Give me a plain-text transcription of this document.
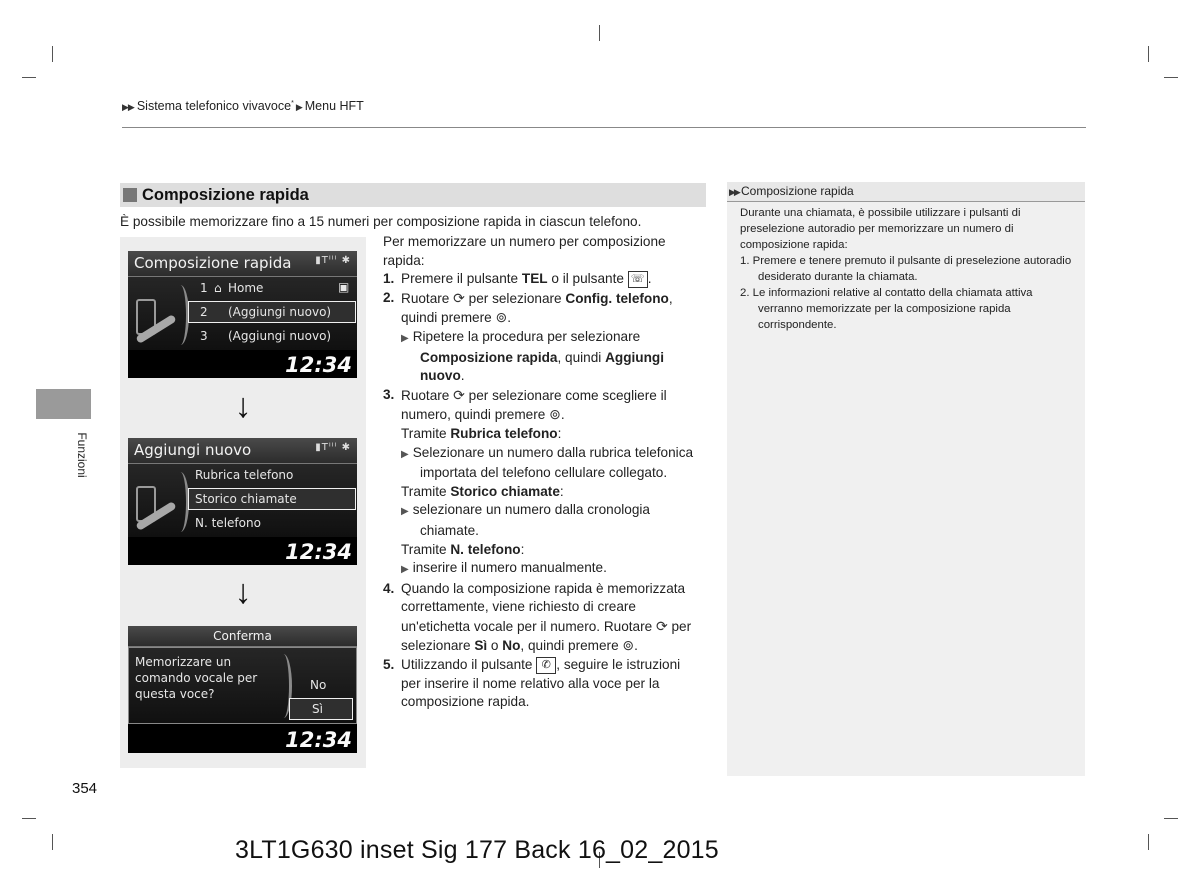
▶▶ Sistema telefonico vivavoce* ▶ Menu HFT
Composizione rapida
È possibile memorizzare fino a 15 numeri per composizione rapida in ciascun telefono.
Composizione rapida ▮Tᴵᴵᴵ ✱
1 ⌂ Home	▣
2 (Aggiungi nuovo)
3 (Aggiungi nuovo)
12:34
↓
Aggiungi nuovo	▮Tᴵᴵᴵ ✱
Rubrica telefono
Storico chiamate
N. telefono
12:34
↓
Conferma
Memorizzare un comando vocale per questa voce?
No
Sì
12:34

Per memorizzare un numero per composizione rapida:

1. Premere il pulsante TEL o il pulsante ☏ .

2. Ruotare ⟳ per selezionare Config. telefono, quindi premere ⊚.

▶ Ripetere la procedura per selezionare Composizione rapida, quindi Aggiungi nuovo.

3. Ruotare ⟳ per selezionare come scegliere il numero, quindi premere ⊚.

Tramite Rubrica telefono:

▶ Selezionare un numero dalla rubrica telefonica importata del telefono cellulare collegato.

Tramite Storico chiamate:

▶ selezionare un numero dalla cronologia chiamate.

Tramite N. telefono:

▶ inserire il numero manualmente.

4. Quando la composizione rapida è memorizzata correttamente, viene richiesto di creare un'etichetta vocale per il numero. Ruotare ⟳ per selezionare Sì o No, quindi premere ⊚.

5. Utilizzando il pulsante ✆ , seguire le istruzioni per inserire il nome relativo alla voce per la composizione rapida.

Funzioni
354
▶▶ Composizione rapida

Durante una chiamata, è possibile utilizzare i pulsanti di preselezione autoradio per memorizzare un numero di composizione rapida:

1. Premere e tenere premuto il pulsante di preselezione autoradio desiderato durante la chiamata.

2. Le informazioni relative al contatto della chiamata attiva verranno memorizzate per la composizione rapida corrispondente.

3LT1G630 inset Sig 177 Back 16_02_2015
